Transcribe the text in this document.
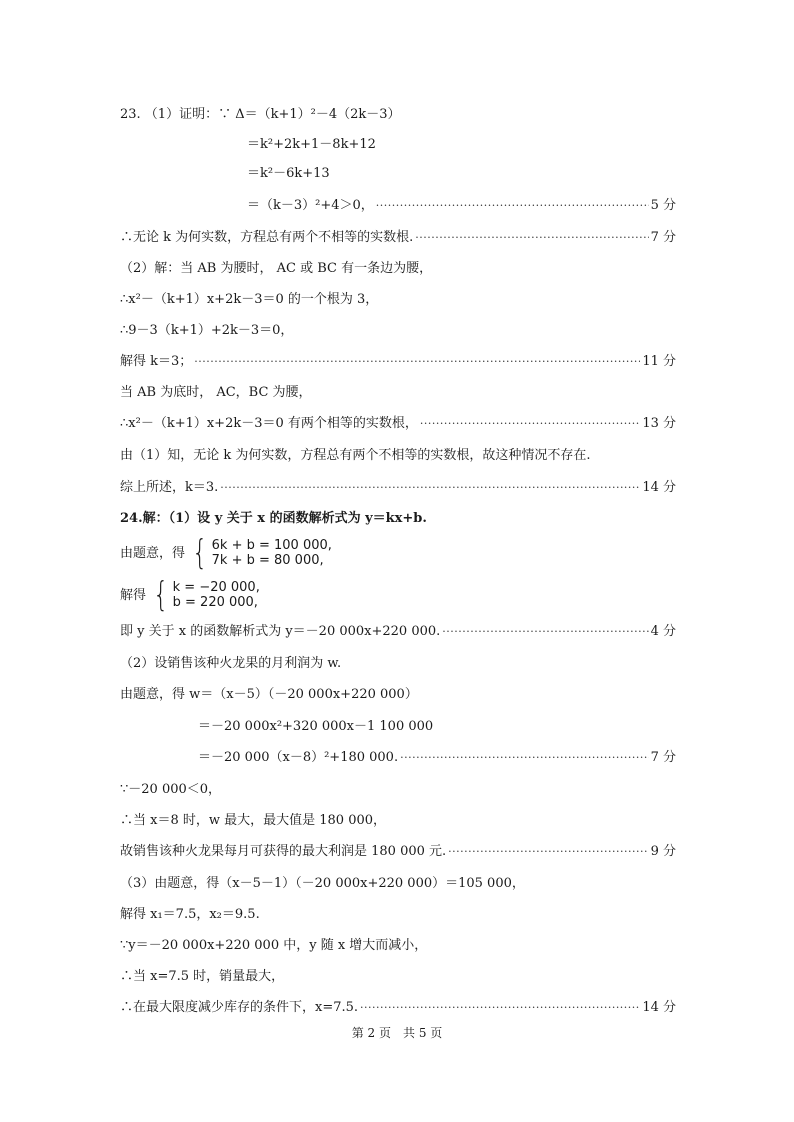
23. （1）证明：∵ Δ＝（k+1）²－4（2k－3）
＝k²+2k+1－8k+12
＝k²－6k+13
＝（k－3）²+4＞0， ·····	5 分
∴无论 k 为何实数，方程总有两个不相等的实数根. ·····	7 分
（2）解：当 AB 为腰时， AC 或 BC 有一条边为腰，
∴x²－（k+1）x+2k－3＝0 的一个根为 3，
∴9－3（k+1）+2k－3＝0，
解得 k＝3； ·····	11 分
当 AB 为底时， AC，BC 为腰，
∴x²－（k+1）x+2k－3＝0 有两个相等的实数根， ·····	13 分
由（1）知，无论 k 为何实数，方程总有两个不相等的实数根，故这种情况不存在.
综上所述，k＝3. ·····	14 分
24.解：（1）设 y 关于 x 的函数解析式为 y＝kx+b.
由题意，得 { 6k + b = 100 000,
7k + b = 80 000,
解得 { k = −20 000,
b = 220 000,
即 y 关于 x 的函数解析式为 y＝－20 000x+220 000. ·····	4 分
（2）设销售该种火龙果的月利润为 w.
由题意，得 w＝（x－5）（－20 000x+220 000）
＝－20 000x²+320 000x－1 100 000
＝－20 000（x－8）²+180 000. ·····	7 分
∵－20 000＜0，
∴当 x＝8 时，w 最大，最大值是 180 000，
故销售该种火龙果每月可获得的最大利润是 180 000 元. ·····	9 分
（3）由题意，得（x－5－1）（－20 000x+220 000）＝105 000，
解得 x₁＝7.5，x₂＝9.5.
∵y＝－20 000x+220 000 中，y 随 x 增大而减小，
∴当 x=7.5 时，销量最大，
∴在最大限度减少库存的条件下，x=7.5. ·····	14 分
第 2 页　共 5 页
